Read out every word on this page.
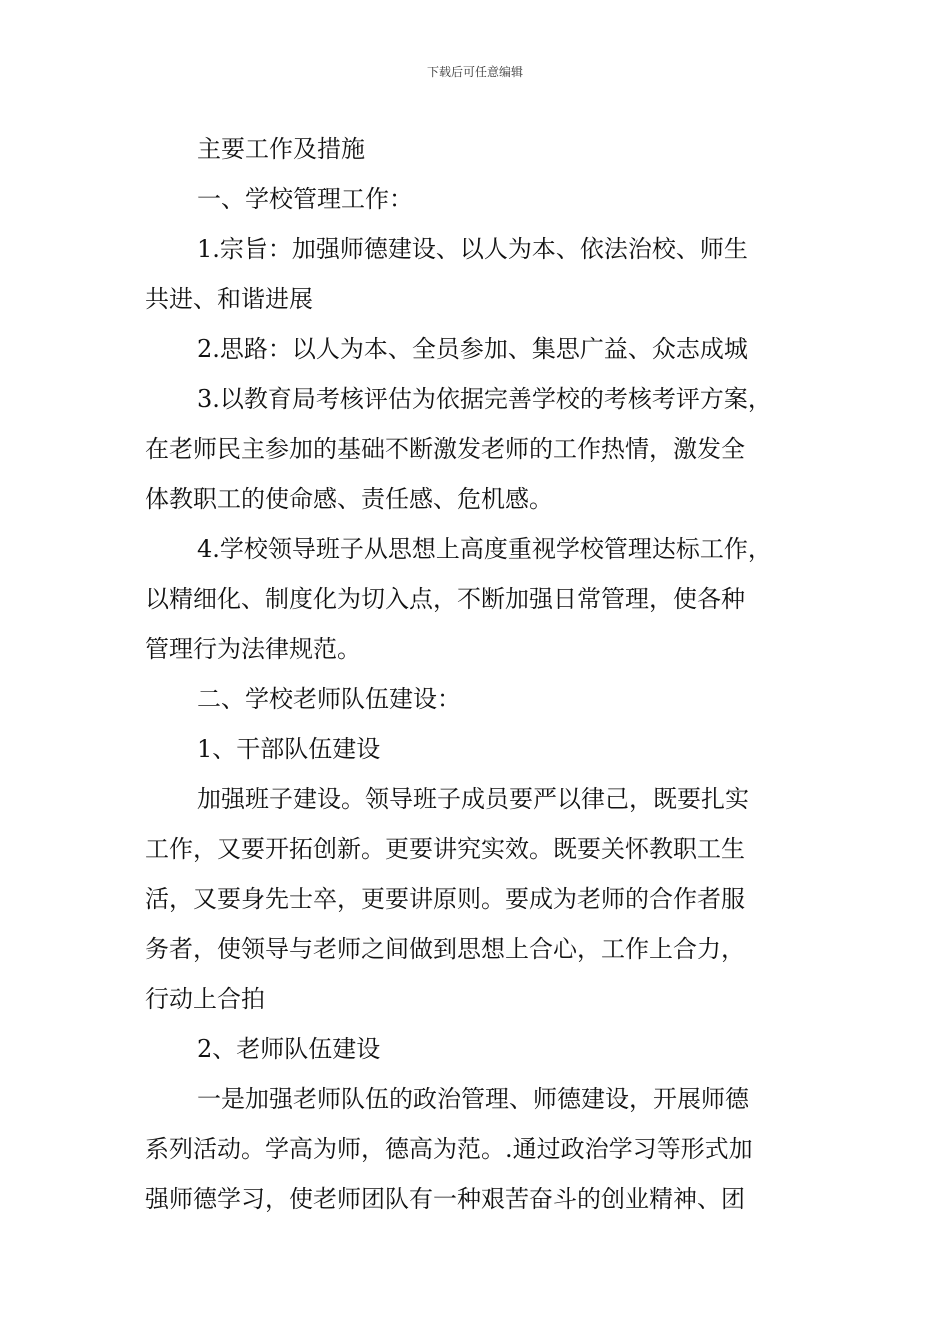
下载后可任意编辑
主要工作及措施
一、学校管理工作：
1.宗旨：加强师德建设、以人为本、依法治校、师生
共进、和谐进展
2.思路：以人为本、全员参加、集思广益、众志成城
3.以教育局考核评估为依据完善学校的考核考评方案，
在老师民主参加的基础不断激发老师的工作热情，激发全
体教职工的使命感、责任感、危机感。
4.学校领导班子从思想上高度重视学校管理达标工作，
以精细化、制度化为切入点，不断加强日常管理，使各种
管理行为法律规范。
二、学校老师队伍建设：
1、干部队伍建设
加强班子建设。领导班子成员要严以律己，既要扎实
工作，又要开拓创新。更要讲究实效。既要关怀教职工生
活，又要身先士卒，更要讲原则。要成为老师的合作者服
务者，使领导与老师之间做到思想上合心，工作上合力，
行动上合拍
2、老师队伍建设
一是加强老师队伍的政治管理、师德建设，开展师德
系列活动。学高为师，德高为范。.通过政治学习等形式加
强师德学习，使老师团队有一种艰苦奋斗的创业精神、团
